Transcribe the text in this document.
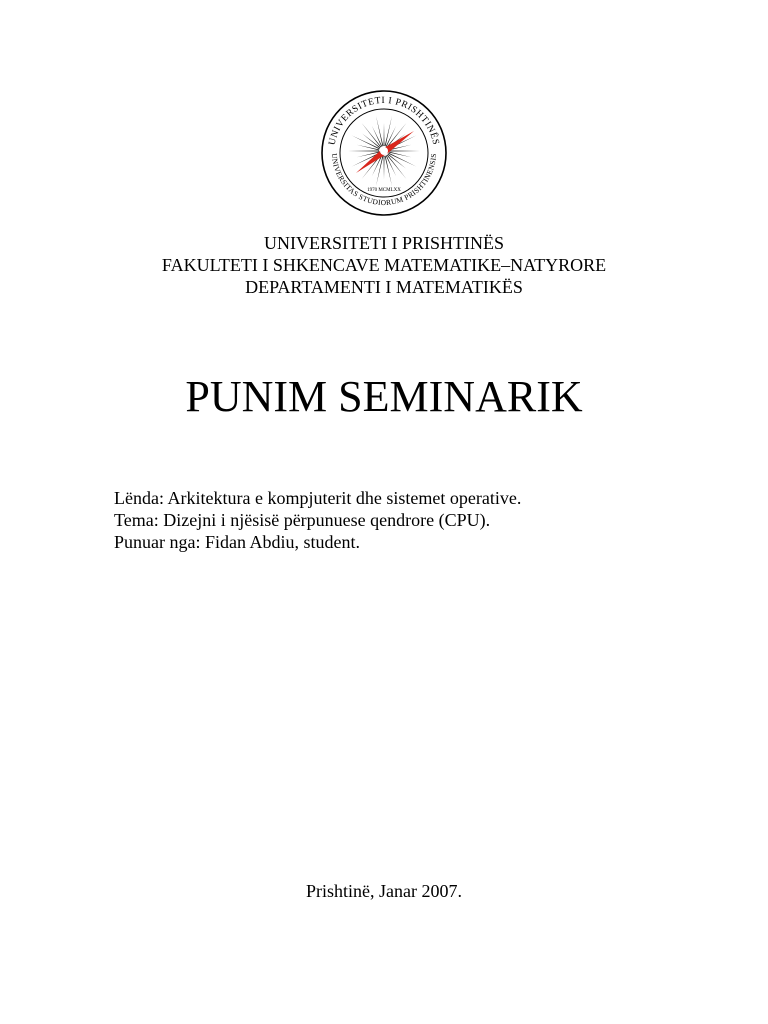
UNIVERSITETI I PRISHTINËS
UNIVERSITAS STUDIORUM PRISHTINENSIS
1970 MCMLXX
UNIVERSITETI I PRISHTINËS
FAKULTETI I SHKENCAVE MATEMATIKE–NATYRORE
DEPARTAMENTI I MATEMATIKËS
PUNIM SEMINARIK
Lënda: Arkitektura e kompjuterit dhe sistemet operative.
Tema: Dizejni i njësisë përpunuese qendrore (CPU).
Punuar nga: Fidan Abdiu, student.
Prishtinë, Janar 2007.
